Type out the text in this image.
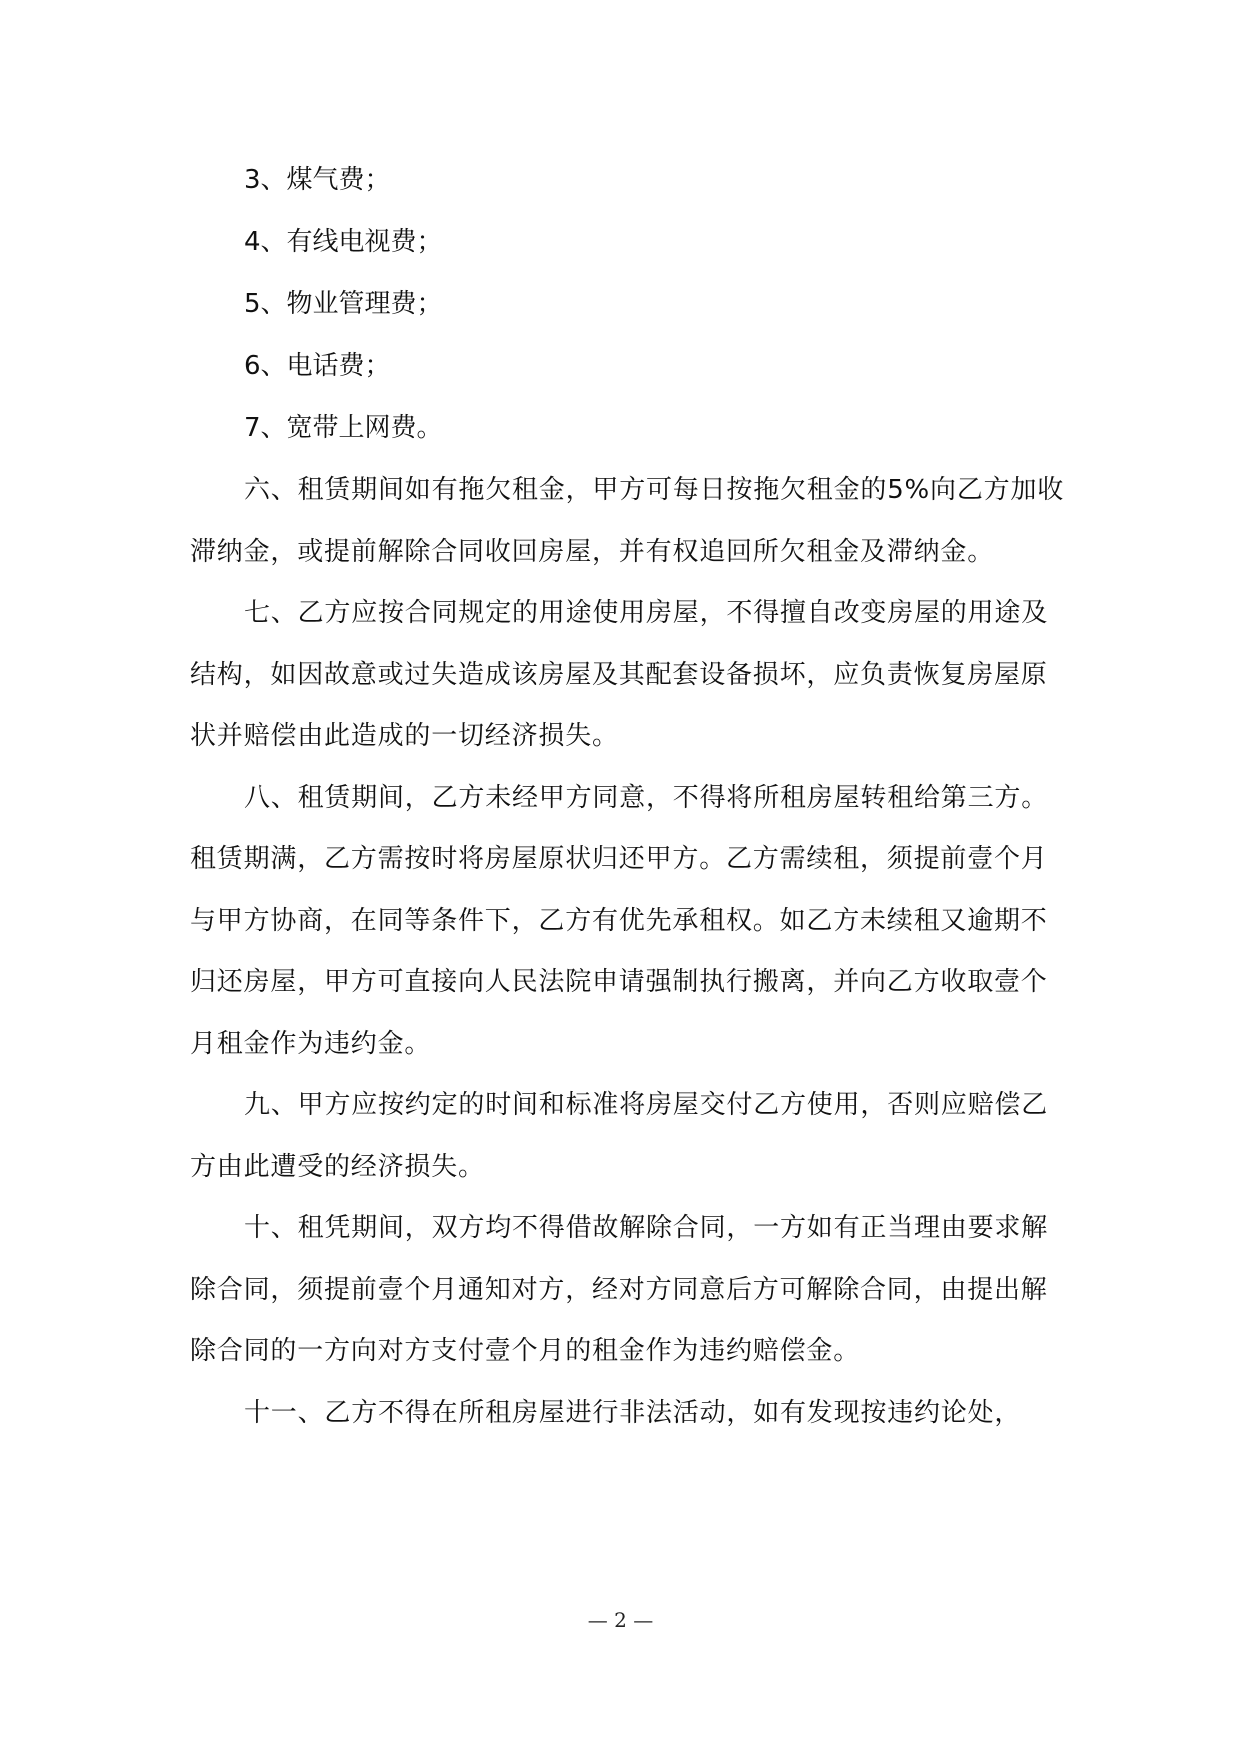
3、煤气费；
4、有线电视费；
5、物业管理费；
6、电话费；
7、宽带上网费。

六、租赁期间如有拖欠租金，甲方可每日按拖欠租金的5%向乙方加收滞纳金，或提前解除合同收回房屋，并有权追回所欠租金及滞纳金。

七、乙方应按合同规定的用途使用房屋，不得擅自改变房屋的用途及结构，如因故意或过失造成该房屋及其配套设备损坏，应负责恢复房屋原状并赔偿由此造成的一切经济损失。

八、租赁期间，乙方未经甲方同意，不得将所租房屋转租给第三方。租赁期满，乙方需按时将房屋原状归还甲方。乙方需续租，须提前壹个月与甲方协商，在同等条件下，乙方有优先承租权。如乙方未续租又逾期不归还房屋，甲方可直接向人民法院申请强制执行搬离，并向乙方收取壹个月租金作为违约金。

九、甲方应按约定的时间和标准将房屋交付乙方使用，否则应赔偿乙方由此遭受的经济损失。

十、租凭期间，双方均不得借故解除合同，一方如有正当理由要求解除合同，须提前壹个月通知对方，经对方同意后方可解除合同，由提出解除合同的一方向对方支付壹个月的租金作为违约赔偿金。

十一、乙方不得在所租房屋进行非法活动，如有发现按违约论处，

— 2 —
